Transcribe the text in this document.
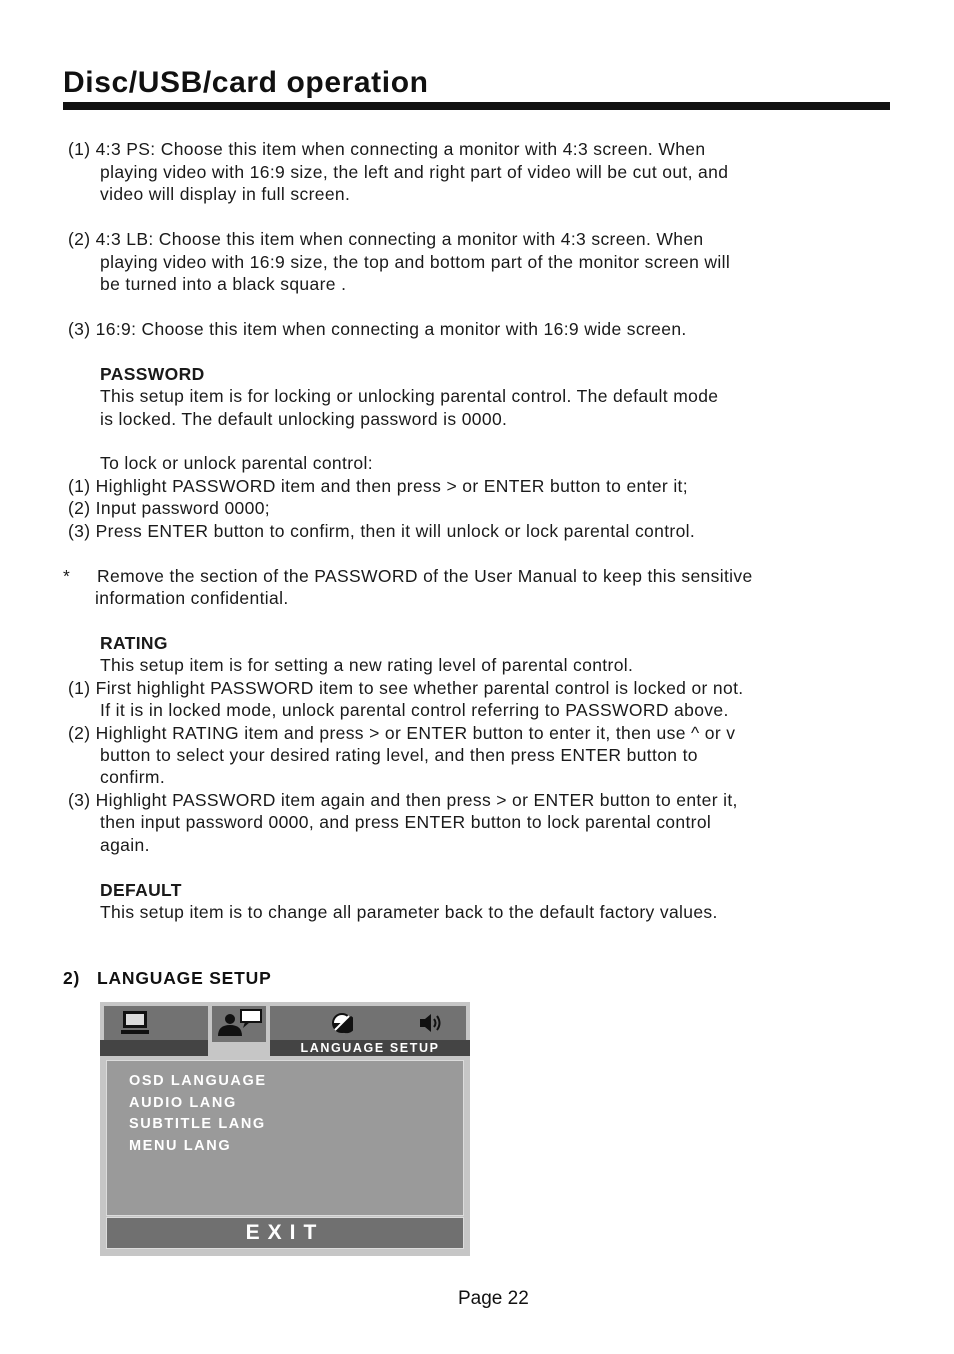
Disc/USB/card operation
(1) 4:3 PS: Choose this item when connecting a monitor with 4:3 screen. When
playing video with 16:9 size, the left and right part of video will be cut out, and
video will display in full screen.
(2) 4:3 LB: Choose this item when connecting a monitor with 4:3 screen. When
playing video with 16:9 size, the top and bottom part of the monitor screen will
be turned into a black square .
(3) 16:9: Choose this item when connecting a monitor with 16:9 wide screen.
PASSWORD
This setup item is for locking or unlocking parental control. The default mode
is locked. The default unlocking password is 0000.
To lock or unlock parental control:
(1) Highlight PASSWORD item and then press > or ENTER button to enter it;
(2) Input password 0000;
(3) Press ENTER button to confirm, then it will unlock or lock parental control.
* Remove the section of the PASSWORD of the User Manual to keep this sensitive
information confidential.
RATING
This setup item is for setting a new rating level of parental control.
(1) First highlight PASSWORD item to see whether parental control is locked or not.
If it is in locked mode, unlock parental control referring to PASSWORD above.
(2) Highlight RATING item and press > or ENTER button to enter it, then use ^ or v
button to select your desired rating level, and then press ENTER button to
confirm.
(3) Highlight PASSWORD item again and then press > or ENTER button to enter it,
then input password 0000, and press ENTER button to lock parental control
again.
DEFAULT
This setup item is to change all parameter back to the default factory values.
2) LANGUAGE SETUP
LANGUAGE SETUP
OSD LANGUAGE
AUDIO LANG
SUBTITLE LANG
MENU LANG
EXIT
Page 22
